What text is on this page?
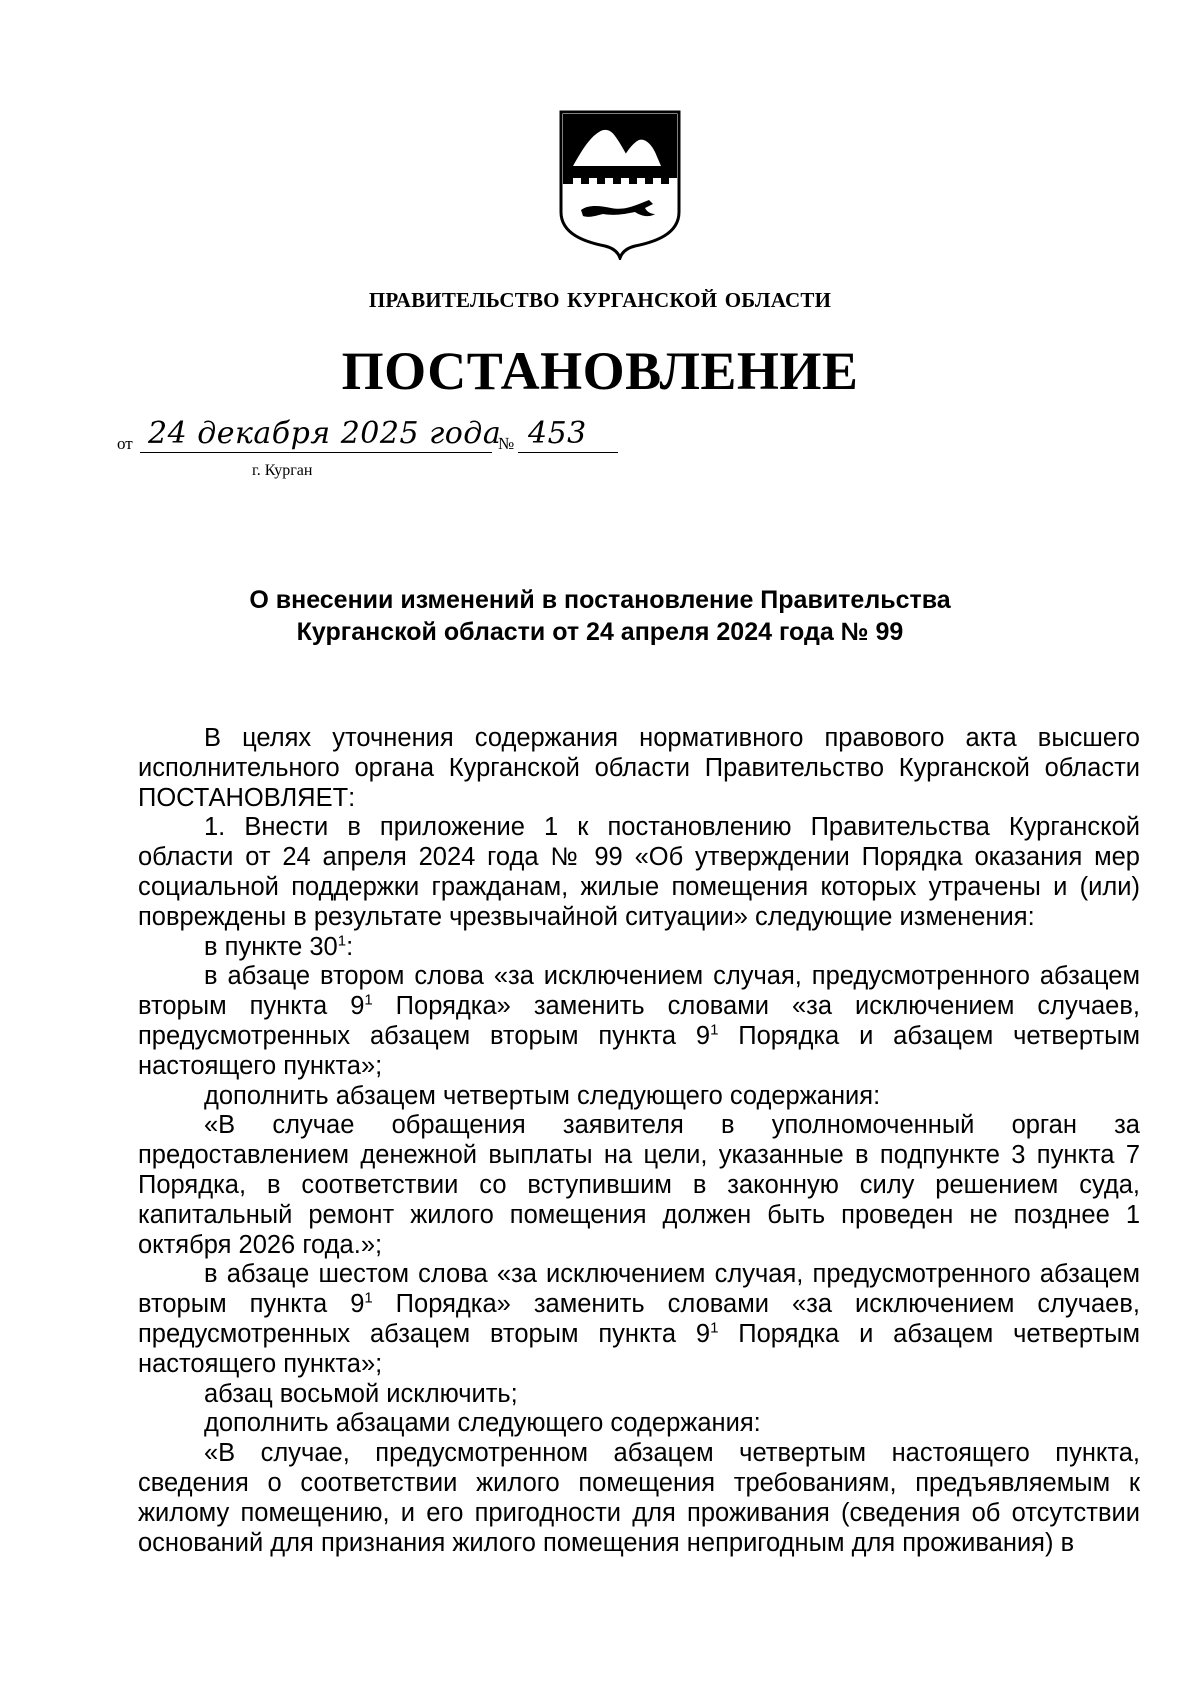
ПРАВИТЕЛЬСТВО КУРГАНСКОЙ ОБЛАСТИ
ПОСТАНОВЛЕНИЕ
от 24 декабря 2025 года
№ 453
г. Курган
О внесении изменений в постановление Правительства
Курганской области от 24 апреля 2024 года № 99

В целях уточнения содержания нормативного правового акта высшего исполнительного органа Курганской области Правительство Курганской области ПОСТАНОВЛЯЕТ:

1. Внести в приложение 1 к постановлению Правительства Курганской области от 24 апреля 2024 года № 99 «Об утверждении Порядка оказания мер социальной поддержки гражданам, жилые помещения которых утрачены и (или) повреждены в результате чрезвычайной ситуации» следующие изменения:

в пункте $30^1$:

в абзаце втором слова «за исключением случая, предусмотренного абзацем вторым пункта $9^1$ Порядка» заменить словами «за исключением случаев, предусмотренных абзацем вторым пункта $9^1$ Порядка и абзацем четвертым настоящего пункта»;

дополнить абзацем четвертым следующего содержания:

«В случае обращения заявителя в уполномоченный орган за предоставлением денежной выплаты на цели, указанные в подпункте 3 пункта 7 Порядка, в соответствии со вступившим в законную силу решением суда, капитальный ремонт жилого помещения должен быть проведен не позднее 1 октября 2026 года.»;

в абзаце шестом слова «за исключением случая, предусмотренного абзацем вторым пункта $9^1$ Порядка» заменить словами «за исключением случаев, предусмотренных абзацем вторым пункта $9^1$ Порядка и абзацем четвертым настоящего пункта»;

абзац восьмой исключить;

дополнить абзацами следующего содержания:

«В случае, предусмотренном абзацем четвертым настоящего пункта, сведения о соответствии жилого помещения требованиям, предъявляемым к жилому помещению, и его пригодности для проживания (сведения об отсутствии оснований для признания жилого помещения непригодным для проживания) в
